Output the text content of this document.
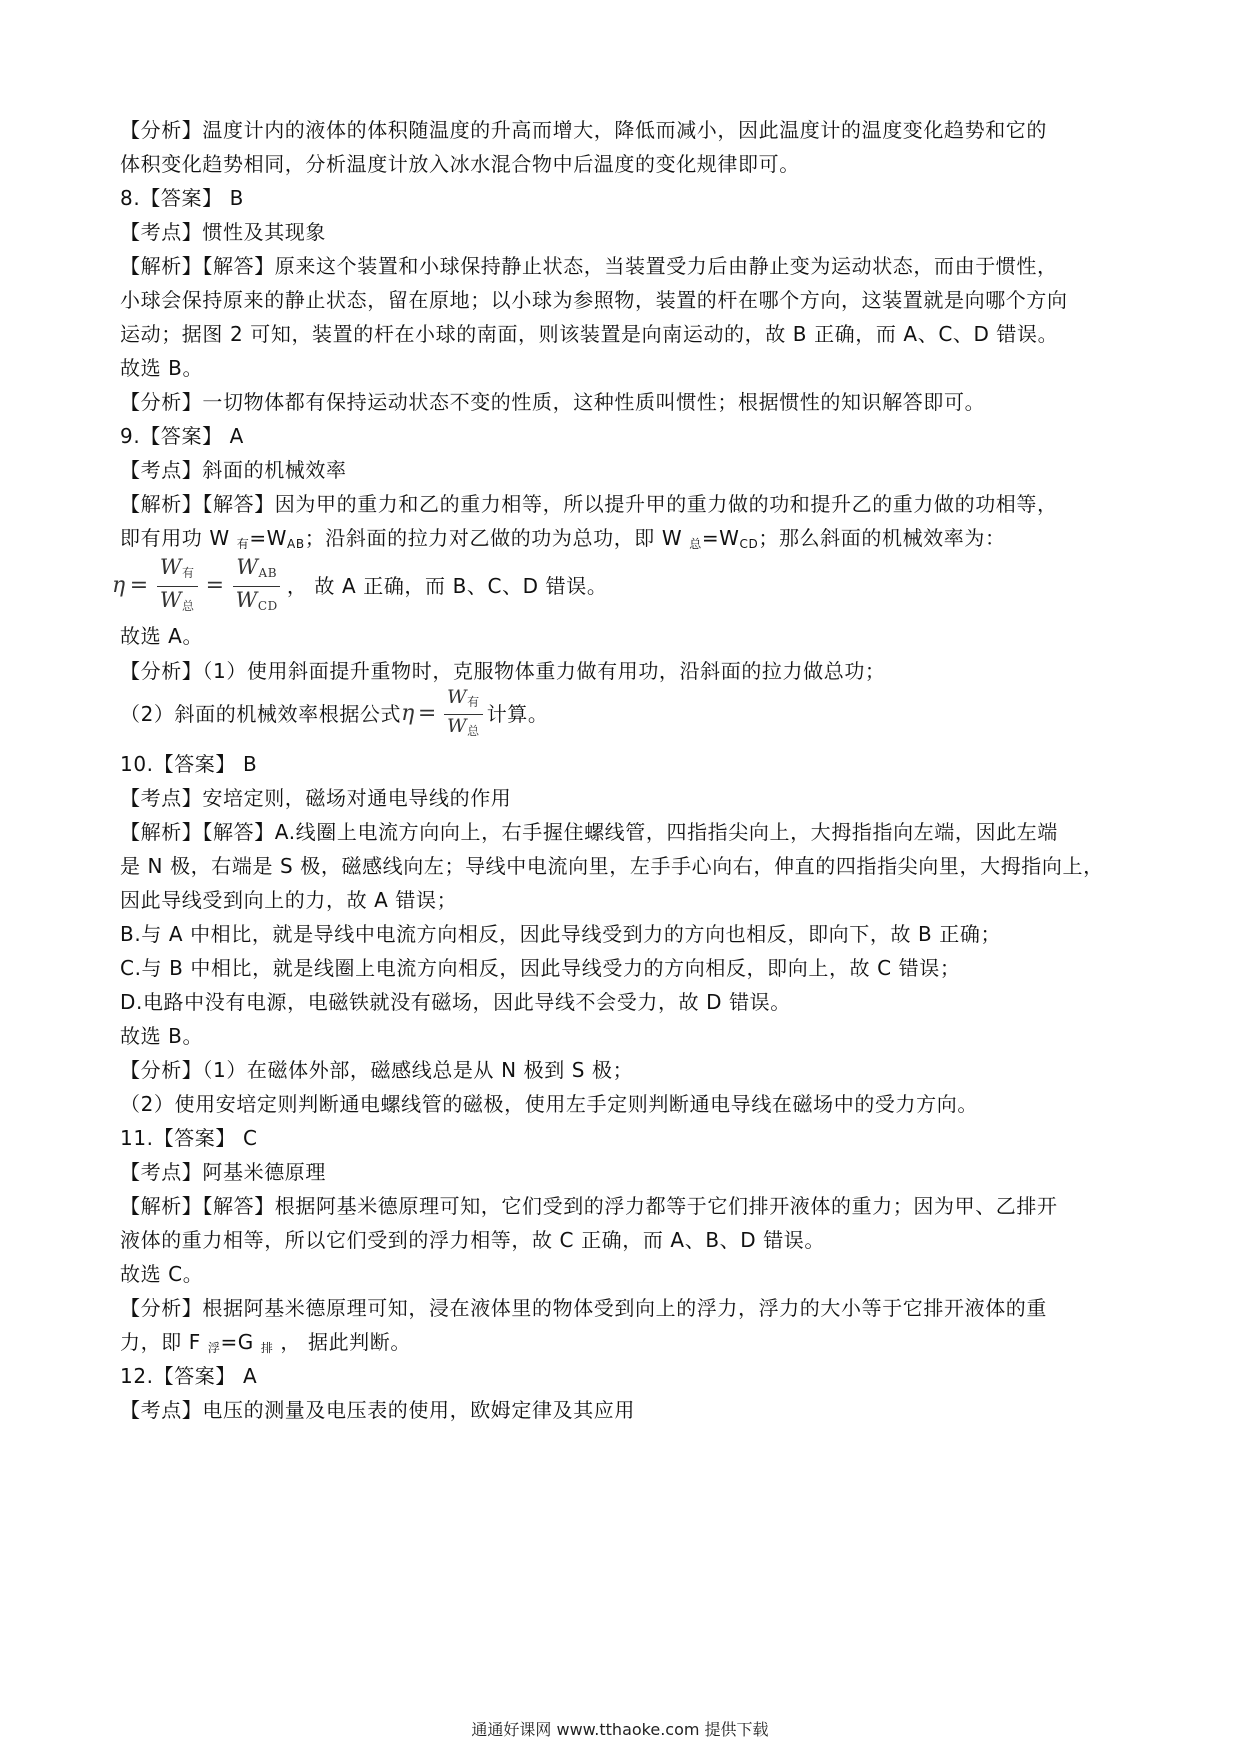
【分析】温度计内的液体的体积随温度的升高而增大，降低而减小，因此温度计的温度变化趋势和它的
体积变化趋势相同，分析温度计放入冰水混合物中后温度的变化规律即可。
8.【答案】 B
【考点】惯性及其现象
【解析】【解答】原来这个装置和小球保持静止状态，当装置受力后由静止变为运动状态，而由于惯性，
小球会保持原来的静止状态，留在原地；以小球为参照物，装置的杆在哪个方向，这装置就是向哪个方向
运动；据图 2 可知，装置的杆在小球的南面，则该装置是向南运动的，故 B 正确，而 A、C、D 错误。
故选 B。
【分析】一切物体都有保持运动状态不变的性质，这种性质叫惯性；根据惯性的知识解答即可。
9.【答案】 A
【考点】斜面的机械效率
【解析】【解答】因为甲的重力和乙的重力相等，所以提升甲的重力做的功和提升乙的重力做的功相等，
即有用功 W $_有=W_{AB}$；沿斜面的拉力对乙做的功为总功，即 W $_总=W_{CD}$；那么斜面的机械效率为：
$\eta = \frac{W_有}{W_总} = \frac{W_{AB}}{W_{CD}}$ ， 故 A 正确，而 B、C、D 错误。
故选 A。
【分析】（1）使用斜面提升重物时，克服物体重力做有用功，沿斜面的拉力做总功；
（2）斜面的机械效率根据公式 $\eta = \frac{W_有}{W_总}$ 计算。
10.【答案】 B
【考点】安培定则，磁场对通电导线的作用
【解析】【解答】A.线圈上电流方向向上，右手握住螺线管，四指指尖向上，大拇指指向左端，因此左端
是 N 极，右端是 S 极，磁感线向左；导线中电流向里，左手手心向右，伸直的四指指尖向里，大拇指向上，
因此导线受到向上的力，故 A 错误；
B.与 A 中相比，就是导线中电流方向相反，因此导线受到力的方向也相反，即向下，故 B 正确；
C.与 B 中相比，就是线圈上电流方向相反，因此导线受力的方向相反，即向上，故 C 错误；
D.电路中没有电源，电磁铁就没有磁场，因此导线不会受力，故 D 错误。
故选 B。
【分析】（1）在磁体外部，磁感线总是从 N 极到 S 极；
（2）使用安培定则判断通电螺线管的磁极，使用左手定则判断通电导线在磁场中的受力方向。
11.【答案】 C
【考点】阿基米德原理
【解析】【解答】根据阿基米德原理可知，它们受到的浮力都等于它们排开液体的重力；因为甲、乙排开
液体的重力相等，所以它们受到的浮力相等，故 C 正确，而 A、B、D 错误。
故选 C。
【分析】根据阿基米德原理可知，浸在液体里的物体受到向上的浮力，浮力的大小等于它排开液体的重
力，即 F $_浮$=G $_排$ ， 据此判断。
12.【答案】 A
【考点】电压的测量及电压表的使用，欧姆定律及其应用
通通好课网 www.tthaoke.com 提供下载
